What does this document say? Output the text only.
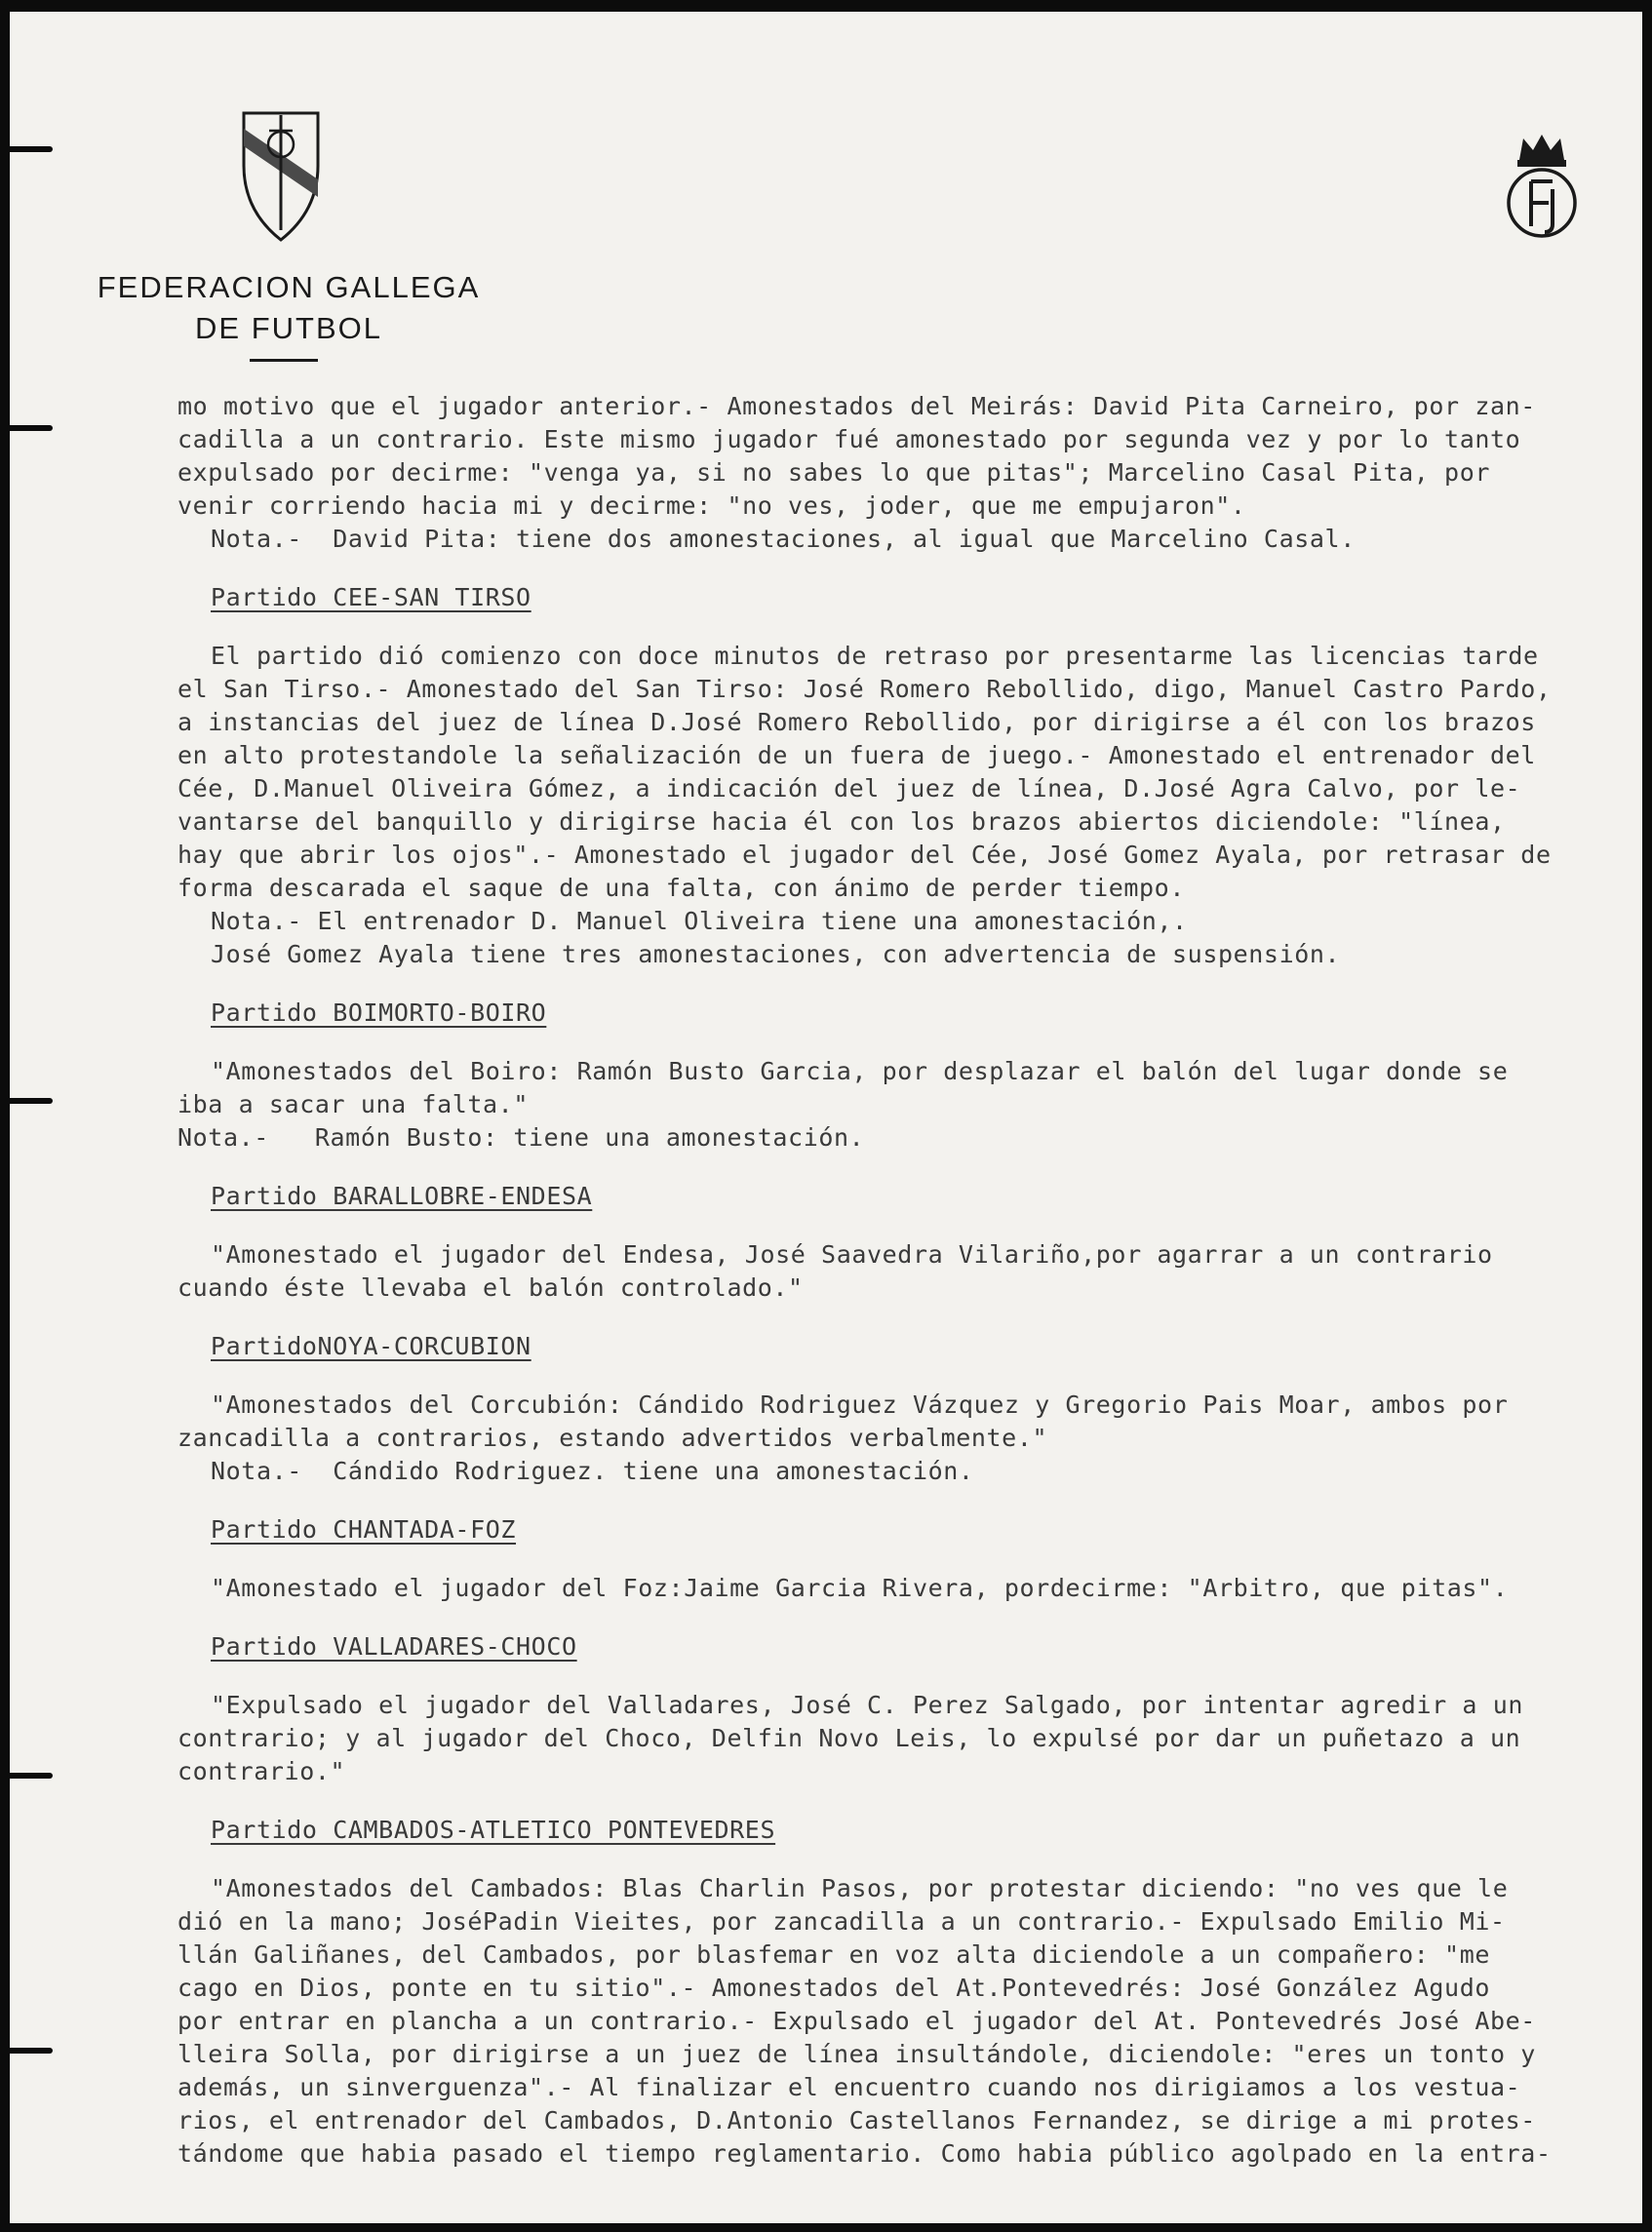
FEDERACION GALLEGA
DE FUTBOL

mo motivo que el jugador anterior.- Amonestados del Meirás: David Pita Carneiro, por zan-

cadilla a un contrario. Este mismo jugador fué amonestado por segunda vez y por lo tanto

expulsado por decirme: "venga ya, si no sabes lo que pitas"; Marcelino Casal Pita, por

venir corriendo hacia mi y decirme: "no ves, joder, que me empujaron".

Nota.-  David Pita: tiene dos amonestaciones, al igual que Marcelino Casal.

Partido CEE-SAN TIRSO

El partido dió comienzo con doce minutos de retraso por presentarme las licencias tarde

el San Tirso.- Amonestado del San Tirso: José Romero Rebollido, digo, Manuel Castro Pardo,

a instancias del juez de línea D.José Romero Rebollido, por dirigirse a él con los brazos

en alto protestandole la señalización de un fuera de juego.- Amonestado el entrenador del

Cée, D.Manuel Oliveira Gómez, a indicación del juez de línea, D.José Agra Calvo, por le-

vantarse del banquillo y dirigirse hacia él con los brazos abiertos diciendole: "línea,

hay que abrir los ojos".- Amonestado el jugador del Cée, José Gomez Ayala, por retrasar de

forma descarada el saque de una falta, con ánimo de perder tiempo.

Nota.- El entrenador D. Manuel Oliveira tiene una amonestación,.

José Gomez Ayala tiene tres amonestaciones, con advertencia de suspensión.

Partido BOIMORTO-BOIRO

"Amonestados del Boiro: Ramón Busto Garcia, por desplazar el balón del lugar donde se

iba a sacar una falta."

Nota.-   Ramón Busto: tiene una amonestación.

Partido BARALLOBRE-ENDESA

"Amonestado el jugador del Endesa, José Saavedra Vilariño,por agarrar a un contrario

cuando éste llevaba el balón controlado."

PartidoNOYA-CORCUBION

"Amonestados del Corcubión: Cándido Rodriguez Vázquez y Gregorio Pais Moar, ambos por

zancadilla a contrarios, estando advertidos verbalmente."

Nota.-  Cándido Rodriguez. tiene una amonestación.

Partido CHANTADA-FOZ

"Amonestado el jugador del Foz:Jaime Garcia Rivera, pordecirme: "Arbitro, que pitas".

Partido VALLADARES-CHOCO

"Expulsado el jugador del Valladares, José C. Perez Salgado, por intentar agredir a un

contrario; y al jugador del Choco, Delfin Novo Leis, lo expulsé por dar un puñetazo a un

contrario."

Partido CAMBADOS-ATLETICO PONTEVEDRES

"Amonestados del Cambados: Blas Charlin Pasos, por protestar diciendo: "no ves que le

dió en la mano; JoséPadin Vieites, por zancadilla a un contrario.- Expulsado Emilio Mi-

llán Galiñanes, del Cambados, por blasfemar en voz alta diciendole a un compañero: "me

cago en Dios, ponte en tu sitio".- Amonestados del At.Pontevedrés: José González Agudo

por entrar en plancha a un contrario.- Expulsado el jugador del At. Pontevedrés José Abe-

lleira Solla, por dirigirse a un juez de línea insultándole, diciendole: "eres un tonto y

además, un sinverguenza".- Al finalizar el encuentro cuando nos dirigiamos a los vestua-

rios, el entrenador del Cambados, D.Antonio Castellanos Fernandez, se dirige a mi protes-

tándome que habia pasado el tiempo reglamentario. Como habia público agolpado en la entra-
